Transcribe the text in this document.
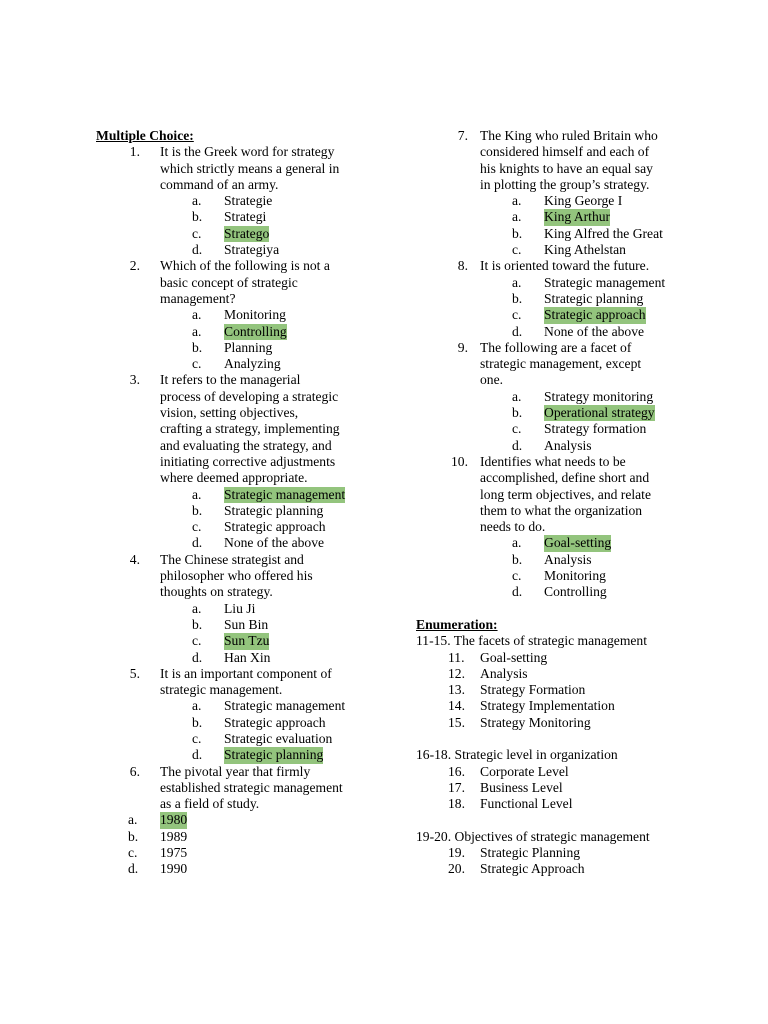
Multiple Choice:
1. It is the Greek word for strategy
which strictly means a general in
command of an army.
a. Strategie
b. Strategi
c. Stratego
d. Strategiya
2. Which of the following is not a
basic concept of strategic
management?
a. Monitoring
a. Controlling
b. Planning
c. Analyzing
3. It refers to the managerial
process of developing a strategic
vision, setting objectives,
crafting a strategy, implementing
and evaluating the strategy, and
initiating corrective adjustments
where deemed appropriate.
a. Strategic management
b. Strategic planning
c. Strategic approach
d. None of the above
4. The Chinese strategist and
philosopher who offered his
thoughts on strategy.
a. Liu Ji
b. Sun Bin
c. Sun Tzu
d. Han Xin
5. It is an important component of
strategic management.
a. Strategic management
b. Strategic approach
c. Strategic evaluation
d. Strategic planning
6. The pivotal year that firmly
established strategic management
as a field of study.
a. 1980
b. 1989
c. 1975
d. 1990
7. The King who ruled Britain who
considered himself and each of
his knights to have an equal say
in plotting the group’s strategy.
a. King George I
a. King Arthur
b. King Alfred the Great
c. King Athelstan
8. It is oriented toward the future.
a. Strategic management
b. Strategic planning
c. Strategic approach
d. None of the above
9. The following are a facet of
strategic management, except
one.
a. Strategy monitoring
b. Operational strategy
c. Strategy formation
d. Analysis
10. Identifies what needs to be
accomplished, define short and
long term objectives, and relate
them to what the organization
needs to do.
a. Goal-setting
b. Analysis
c. Monitoring
d. Controlling
Enumeration:
11-15. The facets of strategic management
11. Goal-setting
12. Analysis
13. Strategy Formation
14. Strategy Implementation
15. Strategy Monitoring
16-18. Strategic level in organization
16. Corporate Level
17. Business Level
18. Functional Level
19-20. Objectives of strategic management
19. Strategic Planning
20. Strategic Approach
